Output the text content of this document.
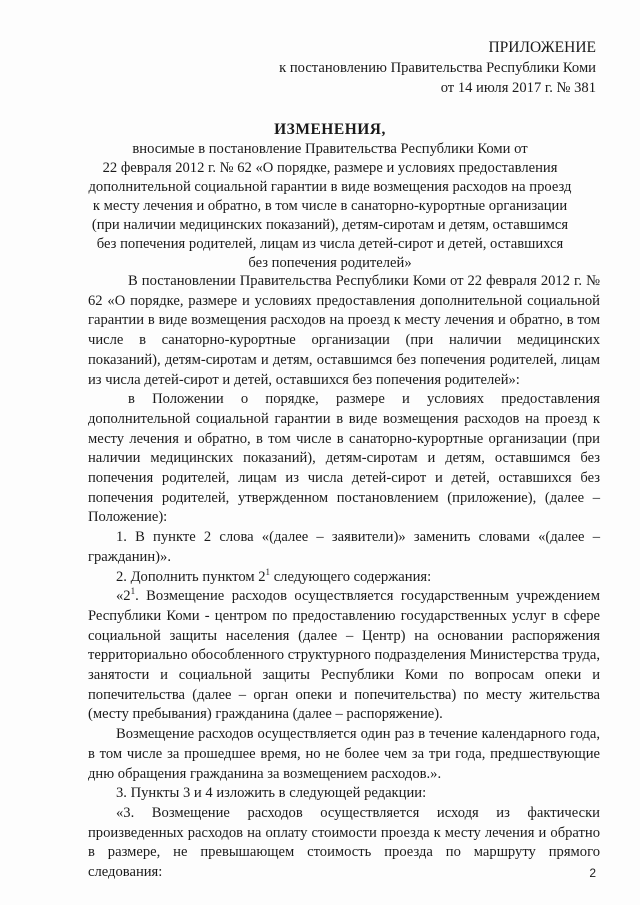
ПРИЛОЖЕНИЕ
к постановлению Правительства Республики Коми
от 14 июля 2017 г. № 381
ИЗМЕНЕНИЯ,
вносимые в постановление Правительства Республики Коми от
22 февраля 2012 г. № 62 «О порядке, размере и условиях предоставления
дополнительной социальной гарантии в виде возмещения расходов на проезд
к месту лечения и обратно, в том числе в санаторно-курортные организации
(при наличии медицинских показаний), детям-сиротам и детям, оставшимся
без попечения родителей, лицам из числа детей-сирот и детей, оставшихся
без попечения родителей»

В постановлении Правительства Республики Коми от 22 февраля 2012 г. № 62 «О порядке, размере и условиях предоставления дополнительной социальной гарантии в виде возмещения расходов на проезд к месту лечения и обратно, в том числе в санаторно-курортные организации (при наличии медицинских показаний), детям-сиротам и детям, оставшимся без попечения родителей, лицам из числа детей-сирот и детей, оставшихся без попечения родителей»:

в Положении о порядке, размере и условиях предоставления дополнительной социальной гарантии в виде возмещения расходов на проезд к месту лечения и обратно, в том числе в санаторно-курортные организации (при наличии медицинских показаний), детям-сиротам и детям, оставшимся без попечения родителей, лицам из числа детей-сирот и детей, оставшихся без попечения родителей, утвержденном постановлением (приложение), (далее – Положение):

1. В пункте 2 слова «(далее – заявители)» заменить словами «(далее – гражданин)».

2. Дополнить пунктом $2^1$ следующего содержания:

«$2^1$. Возмещение расходов осуществляется государственным учреждением Республики Коми - центром по предоставлению государственных услуг в сфере социальной защиты населения (далее – Центр) на основании распоряжения территориально обособленного структурного подразделения Министерства труда, занятости и социальной защиты Республики Коми по вопросам опеки и попечительства (далее – орган опеки и попечительства) по месту жительства (месту пребывания) гражданина (далее – распоряжение).

Возмещение расходов осуществляется один раз в течение календарного года, в том числе за прошедшее время, но не более чем за три года, предшествующие дню обращения гражданина за возмещением расходов.».

3. Пункты 3 и 4 изложить в следующей редакции:

«3. Возмещение расходов осуществляется исходя из фактически произведенных расходов на оплату стоимости проезда к месту лечения и обратно в размере, не превышающем стоимость проезда по маршруту прямого следования:	2
